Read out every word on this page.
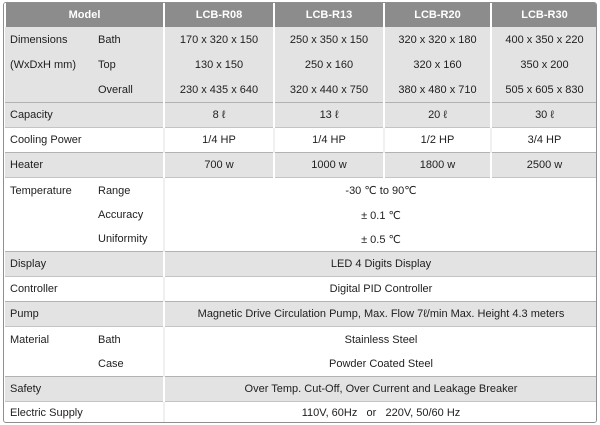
Model		LCB-R08	LCB-R13	LCB-R20	LCB-R30
Dimensions	Bath	170 x 320 x 150	250 x 350 x 150	320 x 320 x 180	400 x 350 x 220
(WxDxH mm)	Top	130 x 150	250 x 160	320 x 160	350 x 200
	Overall	230 x 435 x 640	320 x 440 x 750	380 x 480 x 710	505 x 605 x 830
Capacity		8 ℓ	13 ℓ	20 ℓ	30 ℓ
Cooling Power		1/4 HP	1/4 HP	1/2 HP	3/4 HP
Heater		700 w	1000 w	1800 w	2500 w
Temperature	Range	-30 ℃ to 90℃			
	Accuracy	± 0.1 ℃			
	Uniformity	± 0.5 ℃			
Display		LED 4 Digits Display			
Controller		Digital PID Controller			
Pump		Magnetic Drive Circulation Pump, Max. Flow 7ℓ/min Max. Height 4.3 meters			
Material	Bath	Stainless Steel			
	Case	Powder Coated Steel			
Safety		Over Temp. Cut-Off, Over Current and Leakage Breaker			
Electric Supply		110V, 60Hz   or   220V, 50/60 Hz			
